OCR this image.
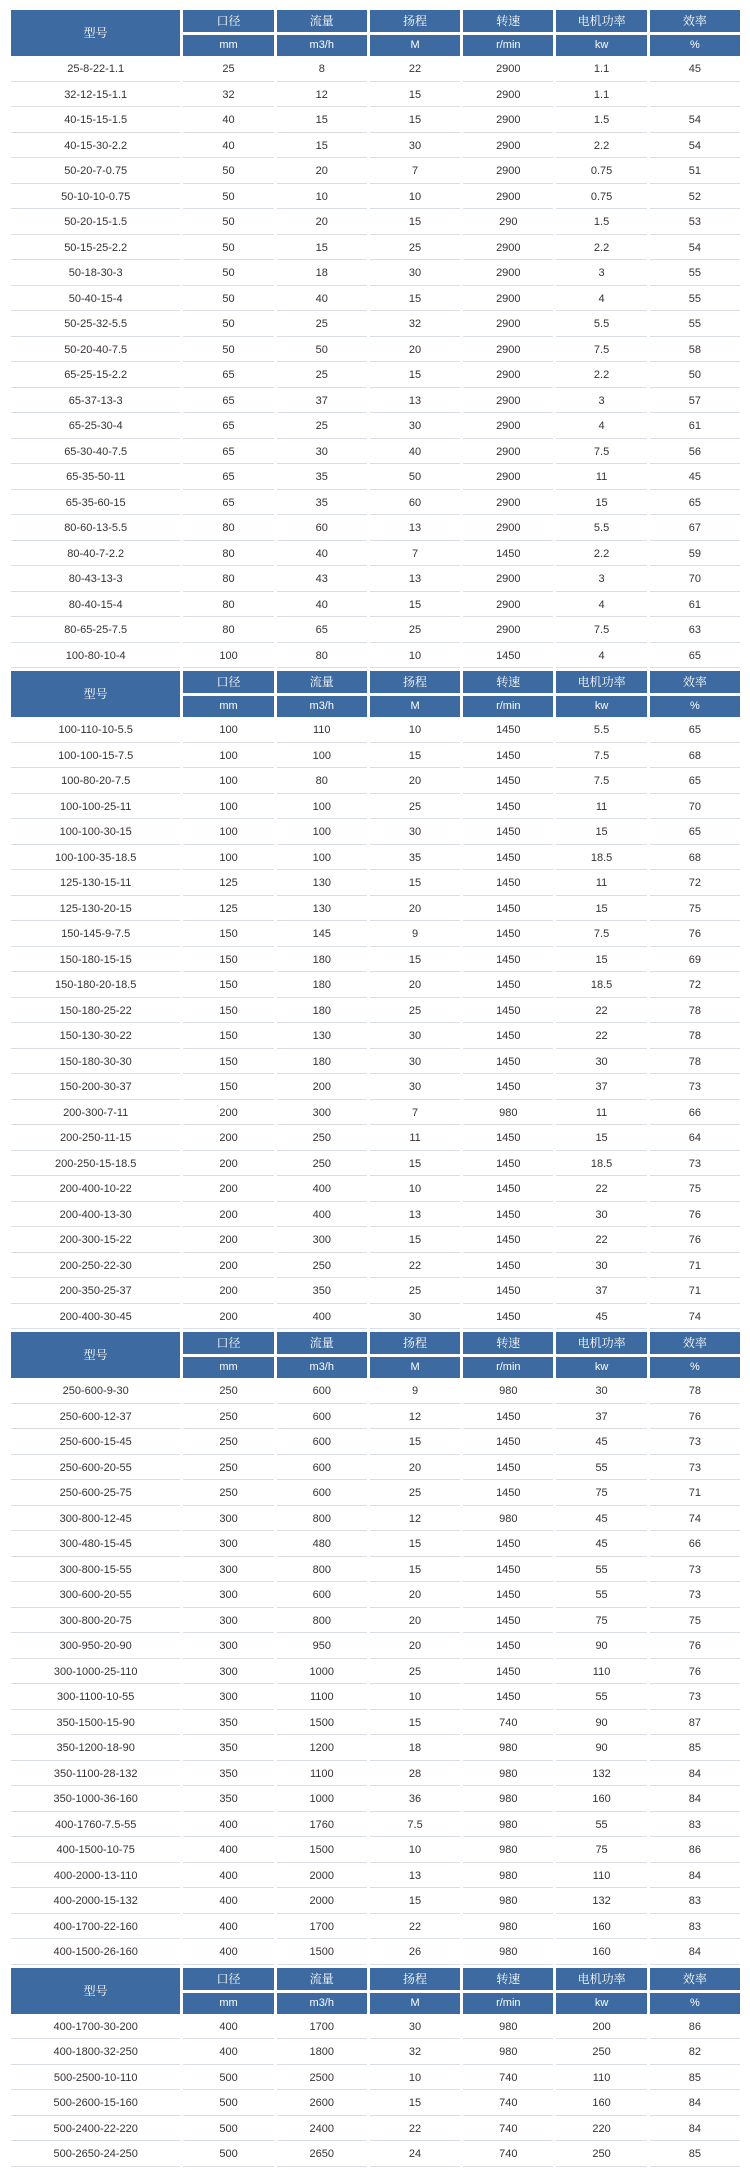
型号	口径	流量	扬程	转速	电机功率	效率
	mm	m3/h	M	r/min	kw	%
25-8-22-1.1	25	8	22	2900	1.1	45
32-12-15-1.1	32	12	15	2900	1.1	
40-15-15-1.5	40	15	15	2900	1.5	54
40-15-30-2.2	40	15	30	2900	2.2	54
50-20-7-0.75	50	20	7	2900	0.75	51
50-10-10-0.75	50	10	10	2900	0.75	52
50-20-15-1.5	50	20	15	290	1.5	53
50-15-25-2.2	50	15	25	2900	2.2	54
50-18-30-3	50	18	30	2900	3	55
50-40-15-4	50	40	15	2900	4	55
50-25-32-5.5	50	25	32	2900	5.5	55
50-20-40-7.5	50	50	20	2900	7.5	58
65-25-15-2.2	65	25	15	2900	2.2	50
65-37-13-3	65	37	13	2900	3	57
65-25-30-4	65	25	30	2900	4	61
65-30-40-7.5	65	30	40	2900	7.5	56
65-35-50-11	65	35	50	2900	11	45
65-35-60-15	65	35	60	2900	15	65
80-60-13-5.5	80	60	13	2900	5.5	67
80-40-7-2.2	80	40	7	1450	2.2	59
80-43-13-3	80	43	13	2900	3	70
80-40-15-4	80	40	15	2900	4	61
80-65-25-7.5	80	65	25	2900	7.5	63
100-80-10-4	100	80	10	1450	4	65
型号	口径	流量	扬程	转速	电机功率	效率
	mm	m3/h	M	r/min	kw	%
100-110-10-5.5	100	110	10	1450	5.5	65
100-100-15-7.5	100	100	15	1450	7.5	68
100-80-20-7.5	100	80	20	1450	7.5	65
100-100-25-11	100	100	25	1450	11	70
100-100-30-15	100	100	30	1450	15	65
100-100-35-18.5	100	100	35	1450	18.5	68
125-130-15-11	125	130	15	1450	11	72
125-130-20-15	125	130	20	1450	15	75
150-145-9-7.5	150	145	9	1450	7.5	76
150-180-15-15	150	180	15	1450	15	69
150-180-20-18.5	150	180	20	1450	18.5	72
150-180-25-22	150	180	25	1450	22	78
150-130-30-22	150	130	30	1450	22	78
150-180-30-30	150	180	30	1450	30	78
150-200-30-37	150	200	30	1450	37	73
200-300-7-11	200	300	7	980	11	66
200-250-11-15	200	250	11	1450	15	64
200-250-15-18.5	200	250	15	1450	18.5	73
200-400-10-22	200	400	10	1450	22	75
200-400-13-30	200	400	13	1450	30	76
200-300-15-22	200	300	15	1450	22	76
200-250-22-30	200	250	22	1450	30	71
200-350-25-37	200	350	25	1450	37	71
200-400-30-45	200	400	30	1450	45	74
型号	口径	流量	扬程	转速	电机功率	效率
	mm	m3/h	M	r/min	kw	%
250-600-9-30	250	600	9	980	30	78
250-600-12-37	250	600	12	1450	37	76
250-600-15-45	250	600	15	1450	45	73
250-600-20-55	250	600	20	1450	55	73
250-600-25-75	250	600	25	1450	75	71
300-800-12-45	300	800	12	980	45	74
300-480-15-45	300	480	15	1450	45	66
300-800-15-55	300	800	15	1450	55	73
300-600-20-55	300	600	20	1450	55	73
300-800-20-75	300	800	20	1450	75	75
300-950-20-90	300	950	20	1450	90	76
300-1000-25-110	300	1000	25	1450	110	76
300-1100-10-55	300	1100	10	1450	55	73
350-1500-15-90	350	1500	15	740	90	87
350-1200-18-90	350	1200	18	980	90	85
350-1100-28-132	350	1100	28	980	132	84
350-1000-36-160	350	1000	36	980	160	84
400-1760-7.5-55	400	1760	7.5	980	55	83
400-1500-10-75	400	1500	10	980	75	86
400-2000-13-110	400	2000	13	980	110	84
400-2000-15-132	400	2000	15	980	132	83
400-1700-22-160	400	1700	22	980	160	83
400-1500-26-160	400	1500	26	980	160	84
型号	口径	流量	扬程	转速	电机功率	效率
	mm	m3/h	M	r/min	kw	%
400-1700-30-200	400	1700	30	980	200	86
400-1800-32-250	400	1800	32	980	250	82
500-2500-10-110	500	2500	10	740	110	85
500-2600-15-160	500	2600	15	740	160	84
500-2400-22-220	500	2400	22	740	220	84
500-2650-24-250	500	2650	24	740	250	85
